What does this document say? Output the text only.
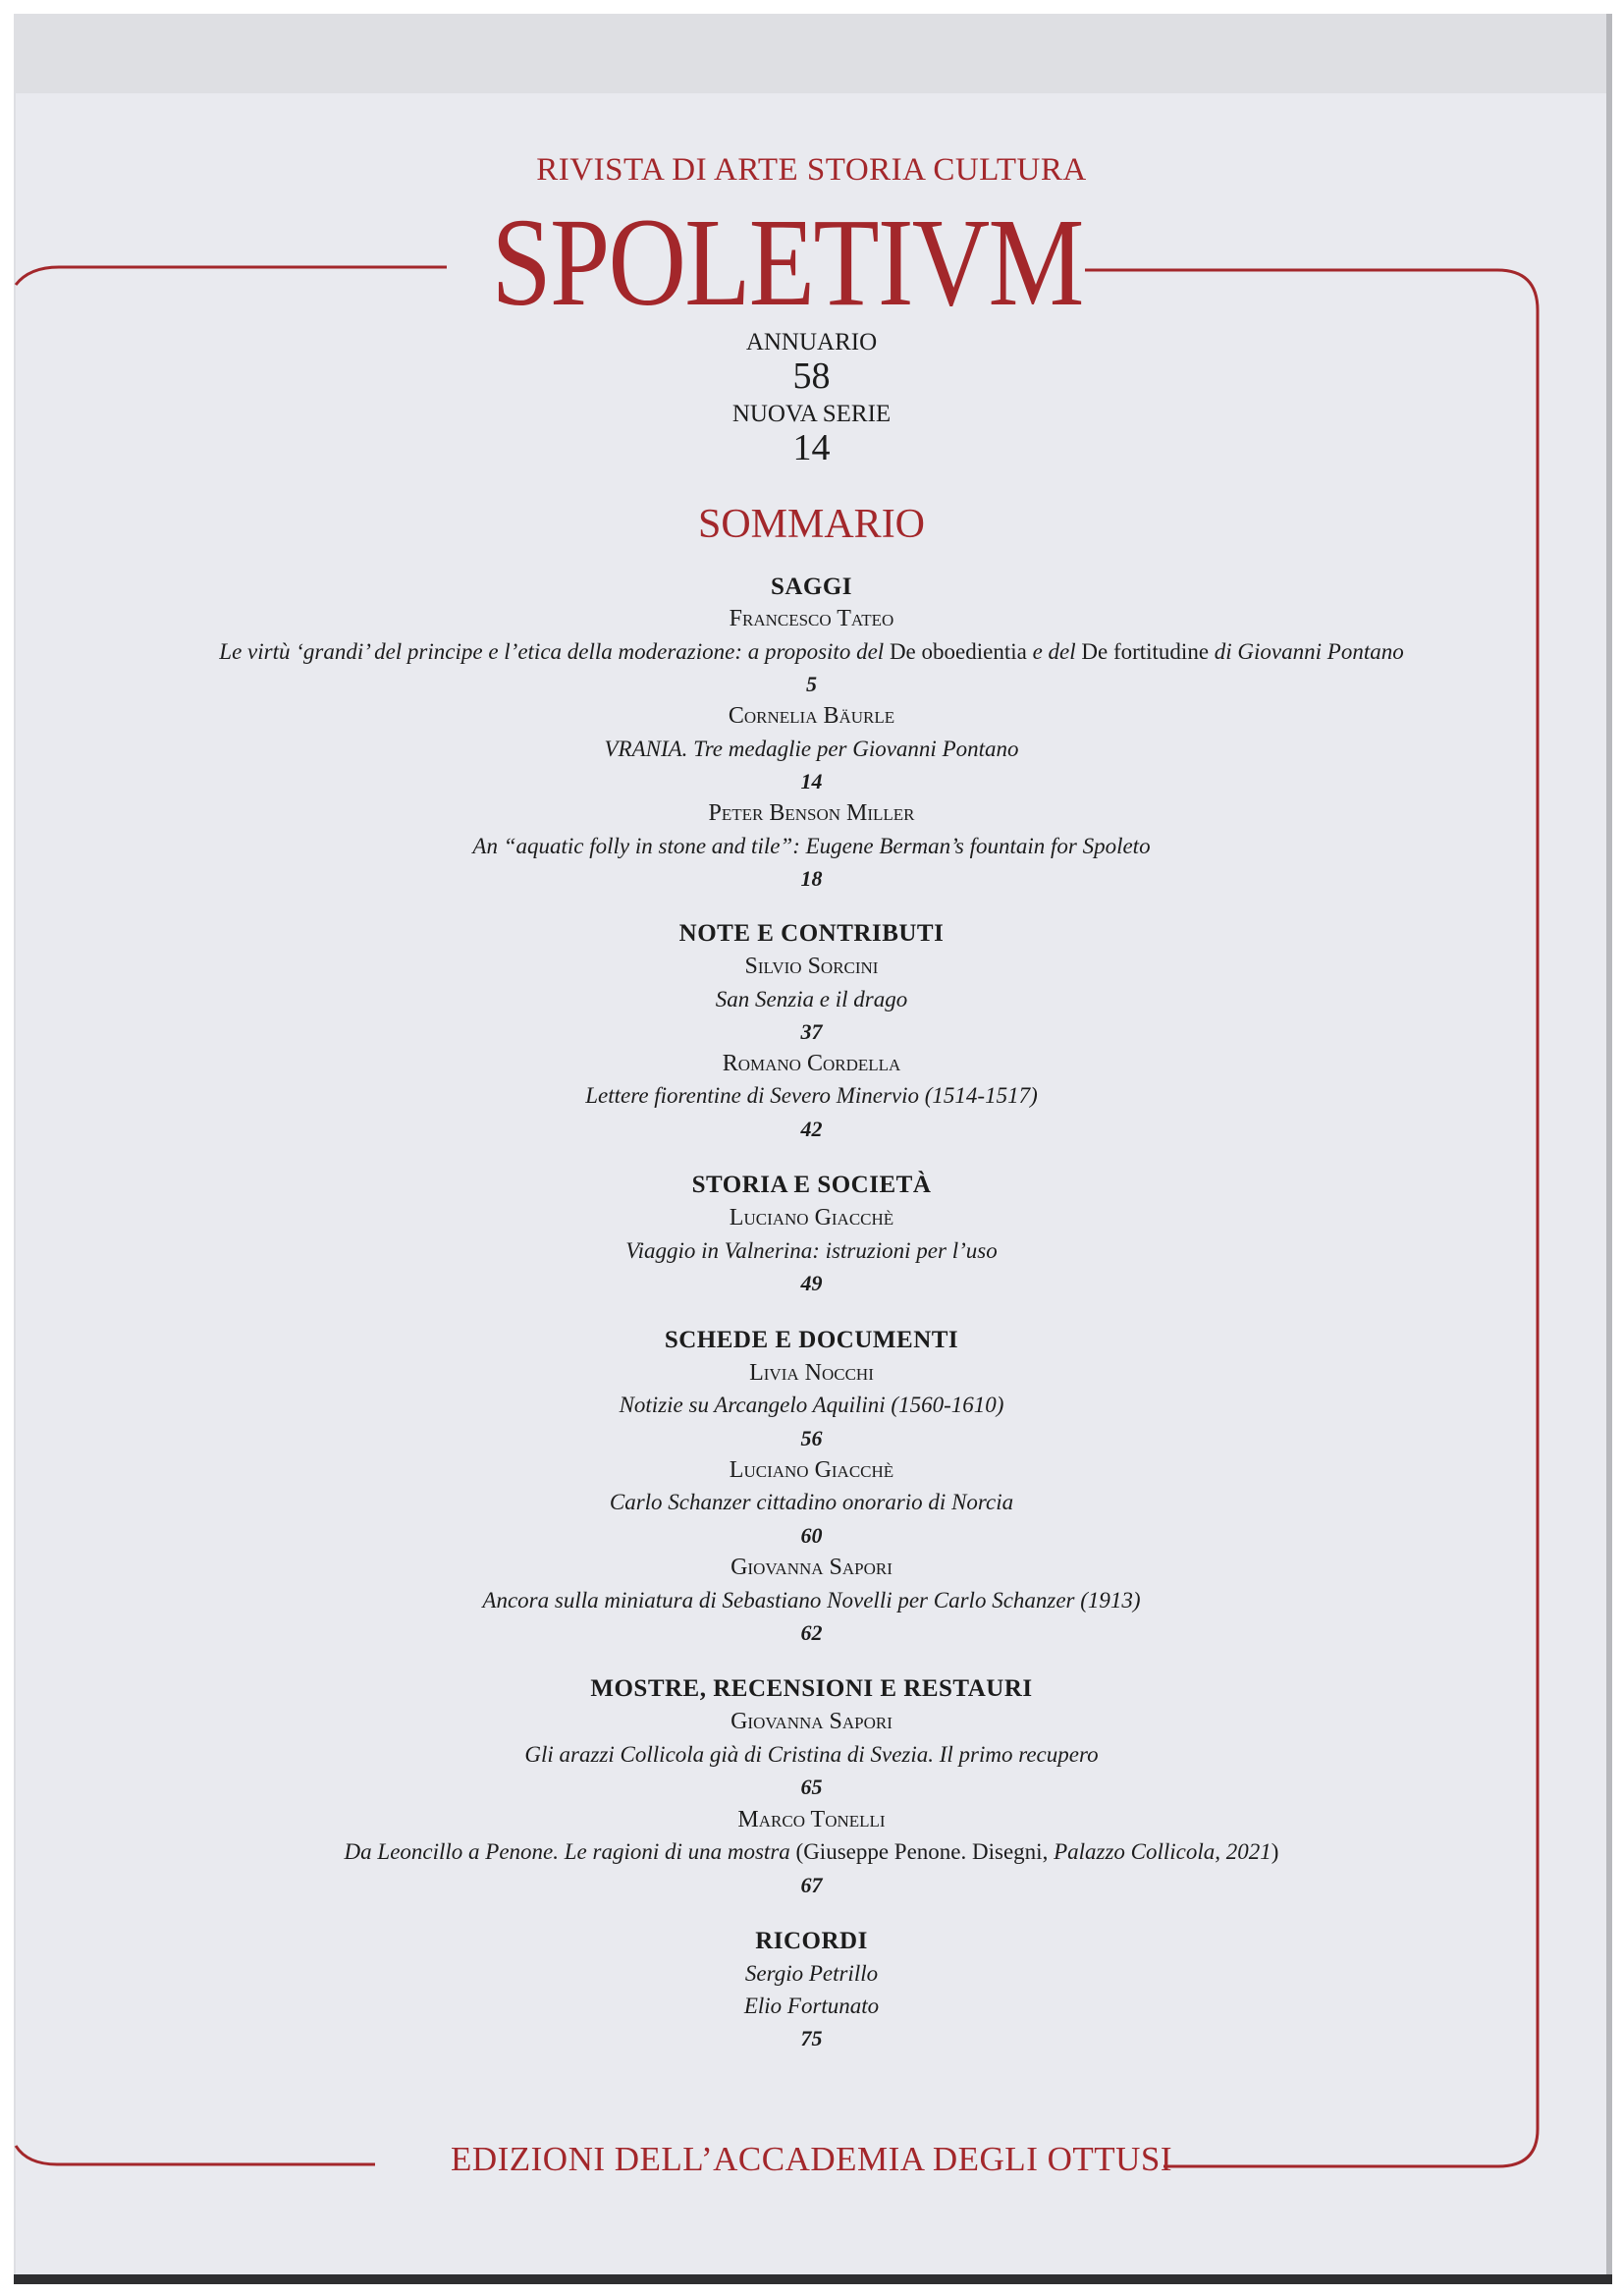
RIVISTA DI ARTE STORIA CULTURA
SPOLETIVM
ANNUARIO
58
NUOVA SERIE
14
SOMMARIO
SAGGI
Francesco Tateo
Le virtù ‘grandi’ del principe e l’etica della moderazione: a proposito del De oboedientia e del De fortitudine di Giovanni Pontano
5
Cornelia Bäurle
VRANIA. Tre medaglie per Giovanni Pontano
14
Peter Benson Miller
An “aquatic folly in stone and tile”: Eugene Berman’s fountain for Spoleto
18
NOTE E CONTRIBUTI
Silvio Sorcini
San Senzia e il drago
37
Romano Cordella
Lettere fiorentine di Severo Minervio (1514-1517)
42
STORIA E SOCIETÀ
Luciano Giacchè
Viaggio in Valnerina: istruzioni per l’uso
49
SCHEDE E DOCUMENTI
Livia Nocchi
Notizie su Arcangelo Aquilini (1560-1610)
56
Luciano Giacchè
Carlo Schanzer cittadino onorario di Norcia
60
Giovanna Sapori
Ancora sulla miniatura di Sebastiano Novelli per Carlo Schanzer (1913)
62
MOSTRE, RECENSIONI E RESTAURI
Giovanna Sapori
Gli arazzi Collicola già di Cristina di Svezia. Il primo recupero
65
Marco Tonelli
Da Leoncillo a Penone. Le ragioni di una mostra (Giuseppe Penone. Disegni, Palazzo Collicola, 2021)
67
RICORDI
Sergio Petrillo
Elio Fortunato
75
EDIZIONI DELL’ACCADEMIA DEGLI OTTUSI
